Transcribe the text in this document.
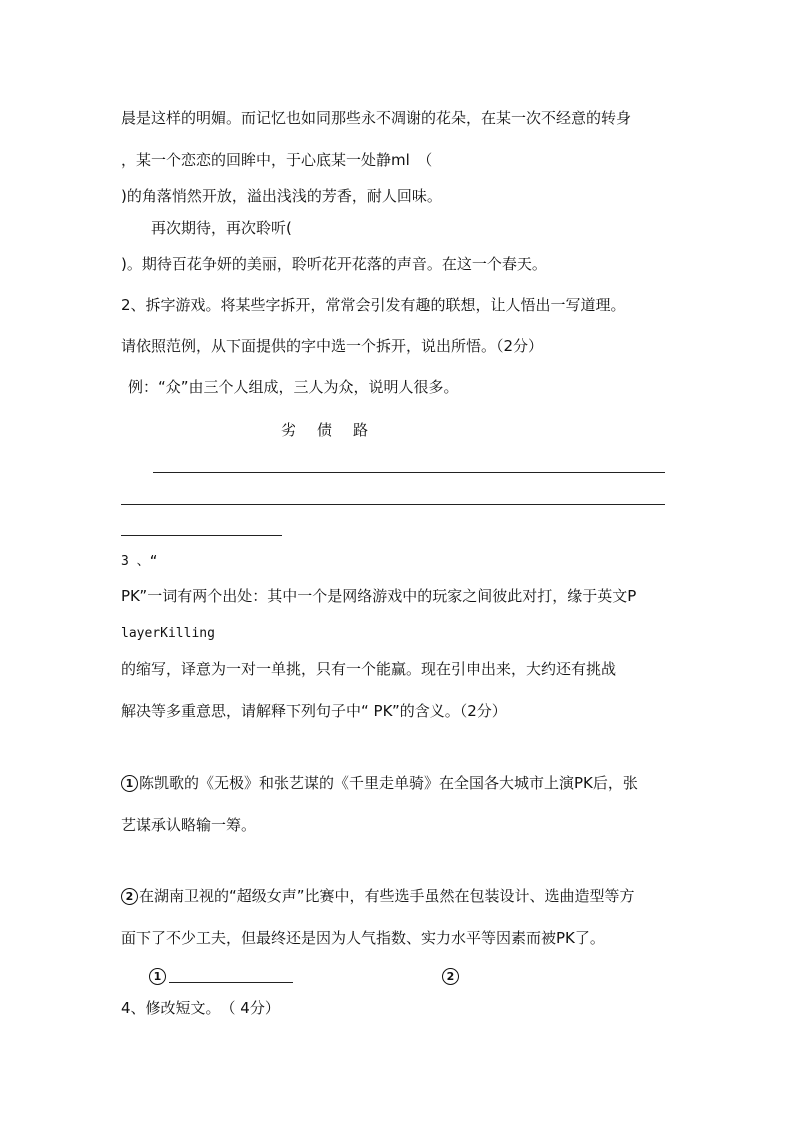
晨是这样的明媚。而记忆也如同那些永不凋谢的花朵，在某一次不经意的转身
，某一个恋恋的回眸中，于心底某一处静ml　（
)的角落悄然开放，溢出浅浅的芳香，耐人回味。
再次期待，再次聆听(
)。期待百花争妍的美丽，聆听花开花落的声音。在这一个春天。
2、拆字游戏。将某些字拆开，常常会引发有趣的联想，让人悟出一写道理。
请依照范例，从下面提供的字中选一个拆开，说出所悟。（2分）
例：“众”由三个人组成，三人为众，说明人很多。
劣 债 路
3 、“
PK”一词有两个出处：其中一个是网络游戏中的玩家之间彼此对打，缘于英文P
layerKilling
的缩写，译意为一对一单挑，只有一个能赢。现在引申出来，大约还有挑战
解决等多重意思，请解释下列句子中“ PK”的含义。（2分）
1 陈凯歌的《无极》和张艺谋的《千里走单骑》在全国各大城市上演PK后，张
艺谋承认略输一筹。
2 在湖南卫视的“超级女声”比赛中，有些选手虽然在包装设计、选曲造型等方
面下了不少工夫，但最终还是因为人气指数、实力水平等因素而被PK了。
1	2
4、修改短文。　（ 4分）
